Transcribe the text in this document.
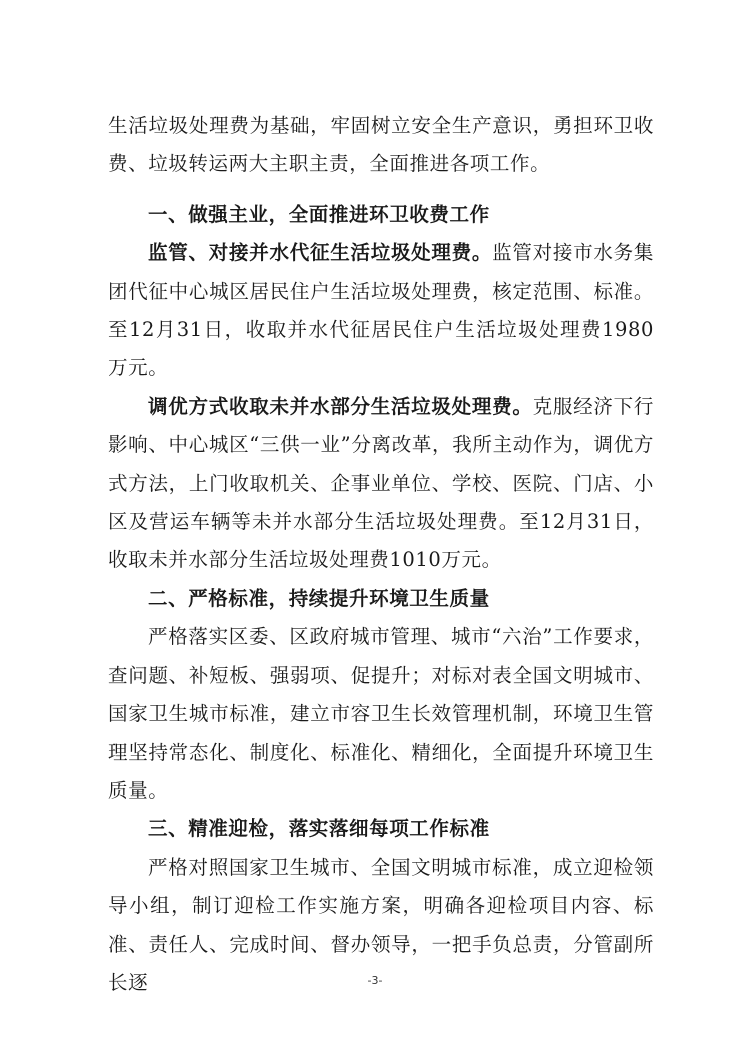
生活垃圾处理费为基础，牢固树立安全生产意识，勇担环卫收费、垃圾转运两大主职主责，全面推进各项工作。

一、做强主业，全面推进环卫收费工作

监管、对接并水代征生活垃圾处理费。监管对接市水务集团代征中心城区居民住户生活垃圾处理费，核定范围、标准。至12月31日，收取并水代征居民住户生活垃圾处理费1980万元。

调优方式收取未并水部分生活垃圾处理费。克服经济下行影响、中心城区“三供一业”分离改革，我所主动作为，调优方式方法，上门收取机关、企事业单位、学校、医院、门店、小区及营运车辆等未并水部分生活垃圾处理费。至12月31日，收取未并水部分生活垃圾处理费1010万元。

二、严格标准，持续提升环境卫生质量

严格落实区委、区政府城市管理、城市“六治”工作要求，查问题、补短板、强弱项、促提升；对标对表全国文明城市、国家卫生城市标准，建立市容卫生长效管理机制，环境卫生管理坚持常态化、制度化、标准化、精细化，全面提升环境卫生质量。

三、精准迎检，落实落细每项工作标准

严格对照国家卫生城市、全国文明城市标准，成立迎检领导小组，制订迎检工作实施方案，明确各迎检项目内容、标准、责任人、完成时间、督办领导，一把手负总责，分管副所长逐	-3-
